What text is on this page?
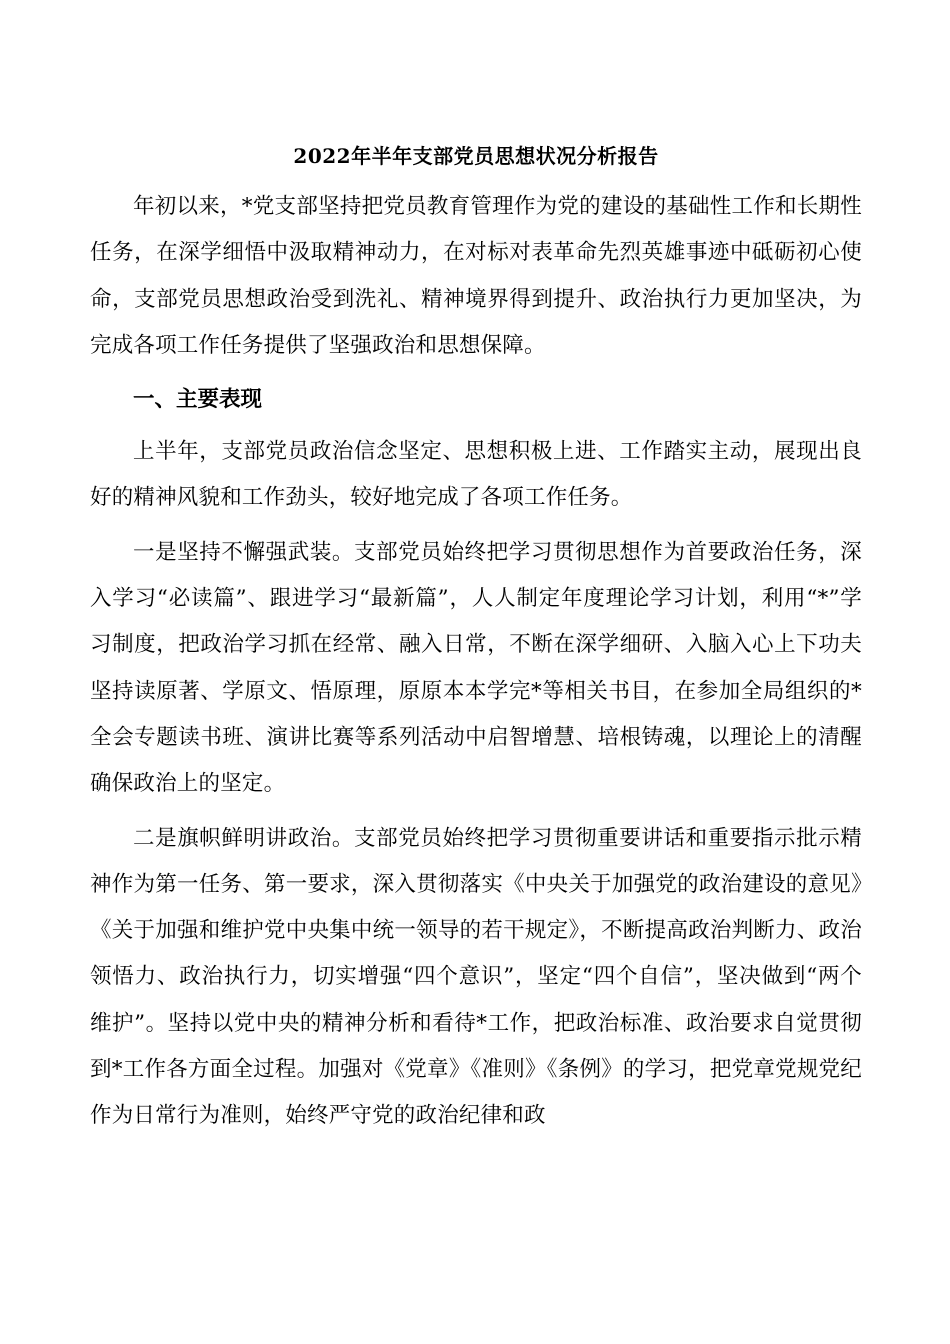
2022年半年支部党员思想状况分析报告

年初以来，*党支部坚持把党员教育管理作为党的建设的基础性工作和长期性任务，在深学细悟中汲取精神动力，在对标对表革命先烈英雄事迹中砥砺初心使命，支部党员思想政治受到洗礼、精神境界得到提升、政治执行力更加坚决，为完成各项工作任务提供了坚强政治和思想保障。

一、主要表现

上半年，支部党员政治信念坚定、思想积极上进、工作踏实主动，展现出良好的精神风貌和工作劲头，较好地完成了各项工作任务。

一是坚持不懈强武装。支部党员始终把学习贯彻思想作为首要政治任务，深入学习“必读篇”、跟进学习“最新篇”，人人制定年度理论学习计划，利用“*”学习制度，把政治学习抓在经常、融入日常，不断在深学细研、入脑入心上下功夫坚持读原著、学原文、悟原理，原原本本学完*等相关书目，在参加全局组织的*全会专题读书班、演讲比赛等系列活动中启智增慧、培根铸魂，以理论上的清醒确保政治上的坚定。

二是旗帜鲜明讲政治。支部党员始终把学习贯彻重要讲话和重要指示批示精神作为第一任务、第一要求，深入贯彻落实《中央关于加强党的政治建设的意见》《关于加强和维护党中央集中统一领导的若干规定》，不断提高政治判断力、政治领悟力、政治执行力，切实增强“四个意识”，坚定“四个自信”，坚决做到“两个维护”。坚持以党中央的精神分析和看待*工作，把政治标准、政治要求自觉贯彻到*工作各方面全过程。加强对《党章》《准则》《条例》的学习，把党章党规党纪作为日常行为准则，始终严守党的政治纪律和政
